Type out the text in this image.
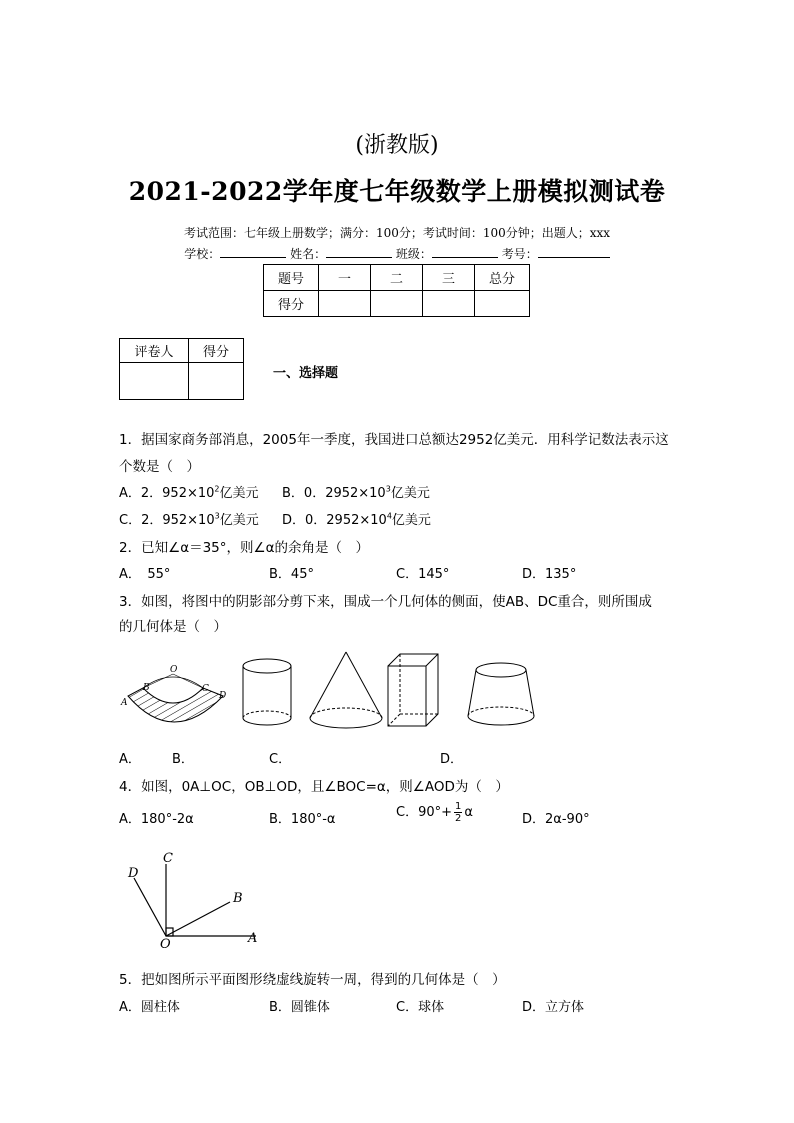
(浙教版)
2021-2022学年度七年级数学上册模拟测试卷
考试范围：七年级上册数学；满分：100分；考试时间：100分钟；出题人；xxx
学校：	姓名：	班级：	考号：
题号	一	二	三	总分
得分				
评卷人	得分

一、选择题
1．据国家商务部消息，2005年一季度，我国进口总额达2952亿美元．用科学记数法表示这
个数是（　）
A．2．$952\times 10^2$亿美元 B．0．$2952\times 10^3$亿美元
C．2．$952\times 10^3$亿美元 D．0．$2952\times 10^4$亿美元
2．已知∠α＝35°，则∠α的余角是（　）
A．　55°	B．45°	C．145°	D．135°
3．如图，将图中的阴影部分剪下来，围成一个几何体的侧面，使AB、DC重合，则所围成
的几何体是（　）
O
A
B	C
D
A． B．	C．	D．
4．如图，0A⊥OC，OB⊥OD，且∠BOC=α，则∠AOD为（　）
A．180°-2α	B．180°-α	C．$90^\circ+ \frac{1}{2}$ α	D．2α-90°
D
C
B
O	A
5．把如图所示平面图形绕虚线旋转一周，得到的几何体是（　）
A．圆柱体	B．圆锥体	C．球体	D．立方体
